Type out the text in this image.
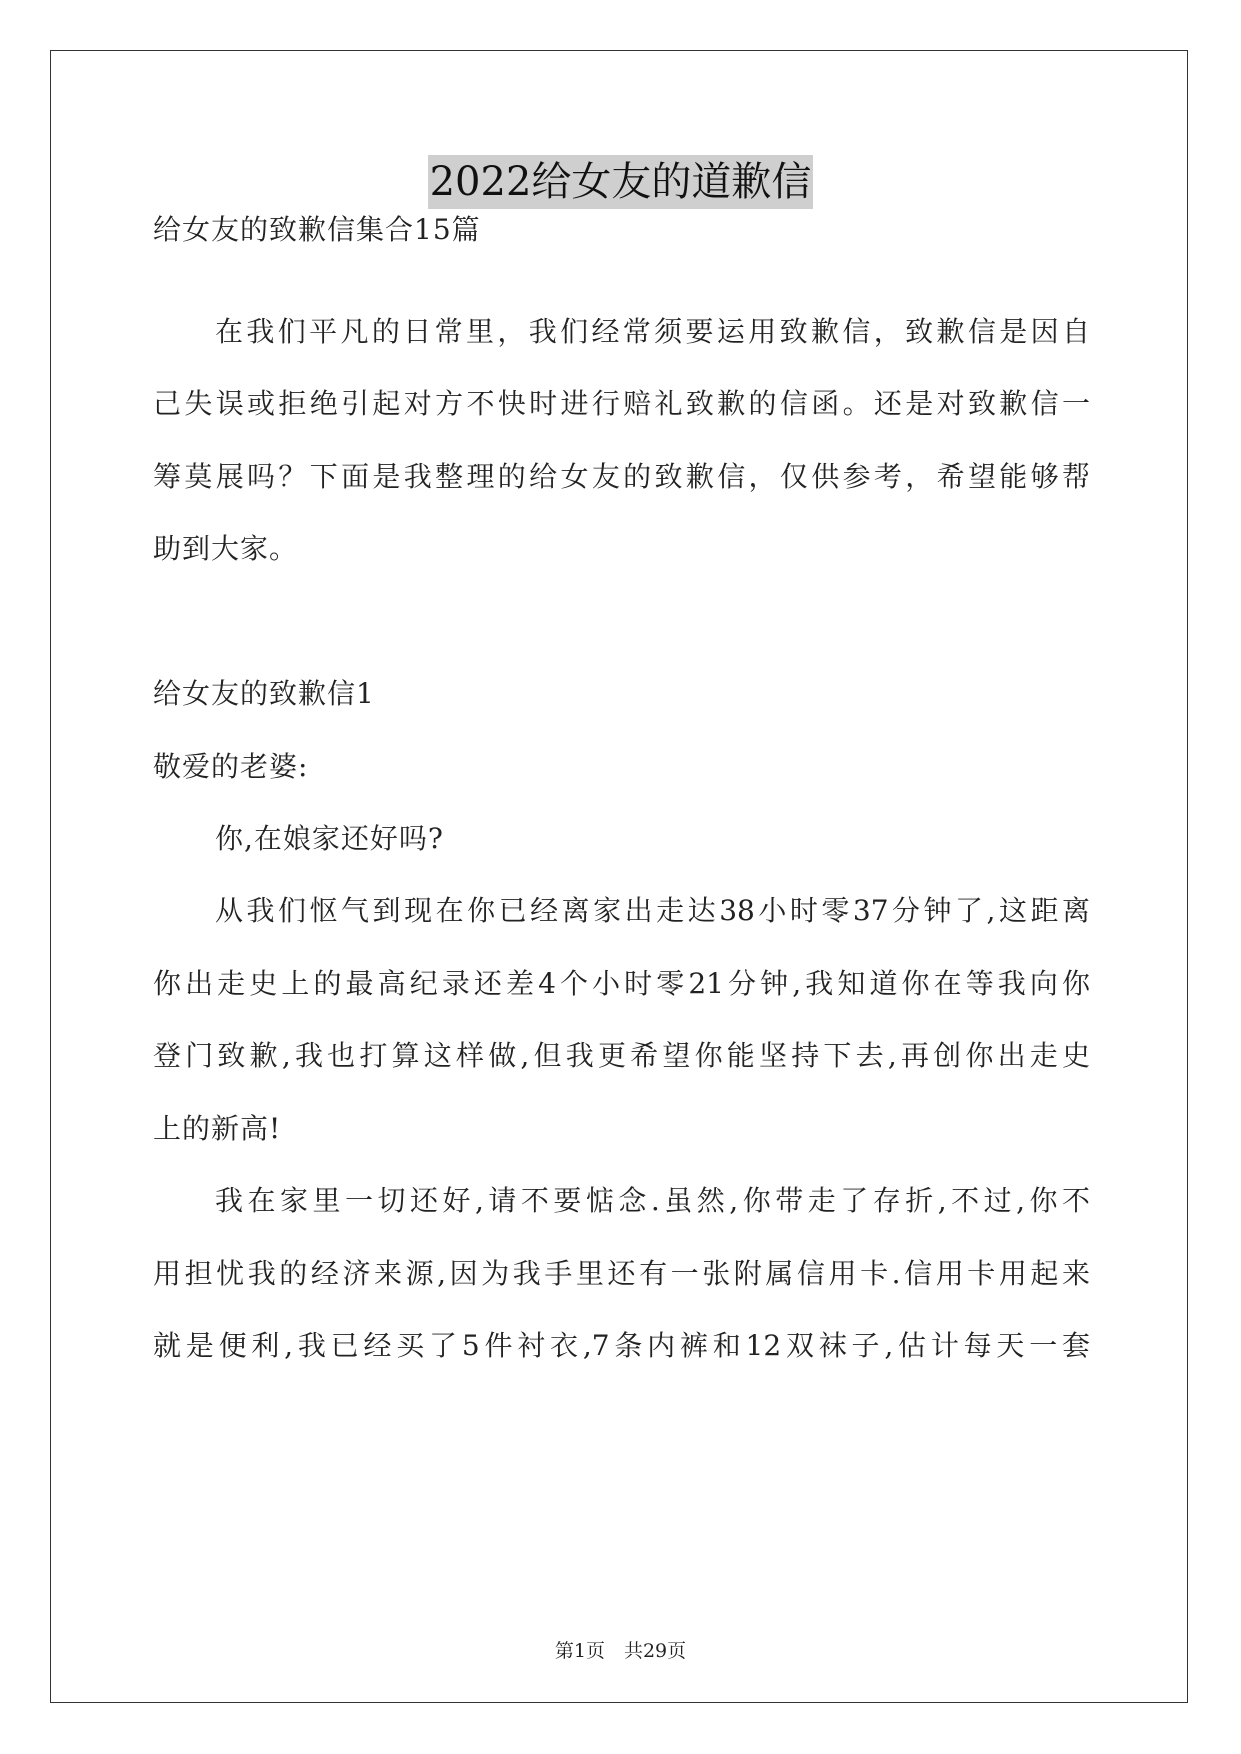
2022给女友的道歉信
给女友的致歉信集合15篇
在我们平凡的日常里，我们经常须要运用致歉信，致歉信是因自
己失误或拒绝引起对方不快时进行赔礼致歉的信函。还是对致歉信一
筹莫展吗？下面是我整理的给女友的致歉信，仅供参考，希望能够帮
助到大家。
给女友的致歉信1
敬爱的老婆:
你,在娘家还好吗?
从我们怄气到现在你已经离家出走达38小时零37分钟了,这距离
你出走史上的最高纪录还差4个小时零21分钟,我知道你在等我向你
登门致歉,我也打算这样做,但我更希望你能坚持下去,再创你出走史
上的新高!
我在家里一切还好,请不要惦念.虽然,你带走了存折,不过,你不
用担忧我的经济来源,因为我手里还有一张附属信用卡.信用卡用起来
就是便利,我已经买了5件衬衣,7条内裤和12双袜子,估计每天一套
第1页　共29页
